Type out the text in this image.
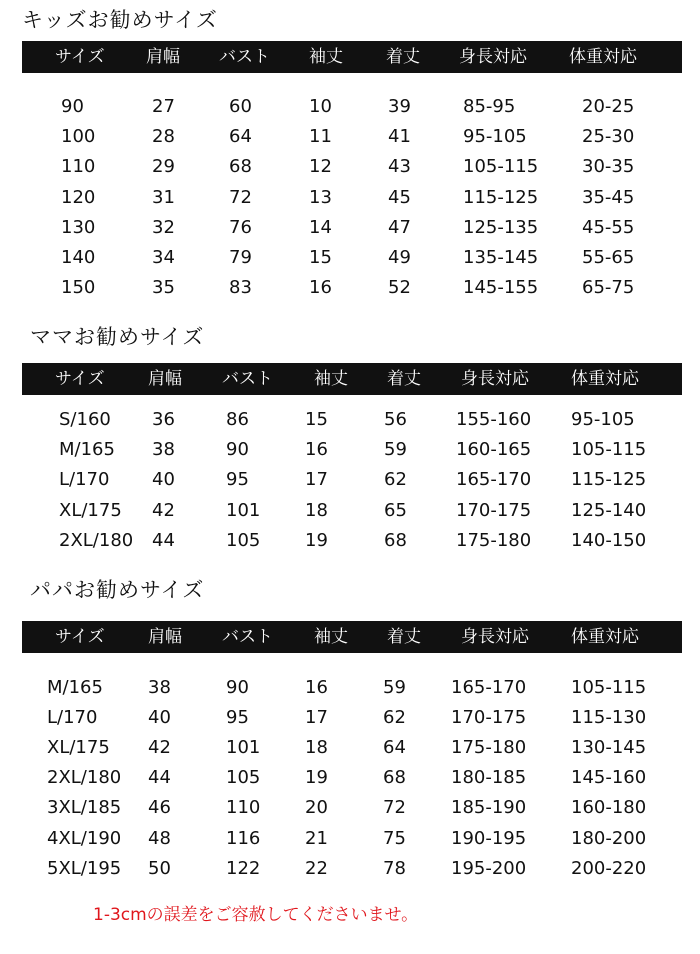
キッズお勧めサイズ
ママお勧めサイズ
パパお勧めサイズ
サイズ 肩幅 バスト 袖丈	着丈 身長対応 体重対応
90	27	60	10	39	85-95	20-25
100	28	64	11	41	95-105	25-30
110	29	68	12	43	105-115 30-35
120	31	72	13	45	115-125 35-45
130	32	76	14	47	125-135 45-55
140	34	79	15	49	135-145 55-65
150	35	83	16	52	145-155 65-75
サイズ	肩幅 バスト 袖丈 着丈 身長対応 体重対応
S/160 36	86	15	56	155-160 95-105
M/165 38	90	16	59	160-165 105-115
L/170 40	95	17	62	165-170 115-125
XL/175 42	101 18	65	170-175 125-140
2XL/180 44	105 19	68	175-180 140-150
サイズ	肩幅 バスト 袖丈 着丈 身長対応 体重対応
M/165	38	90	16	59	165-170 105-115
L/170	40	95	17	62	170-175 115-130
XL/175 42	101 18	64	175-180 130-145
2XL/180 44	105 19	68	180-185 145-160
3XL/185 46	110 20	72	185-190 160-180
4XL/190 48	116 21	75	190-195 180-200
5XL/195 50	122 22	78	195-200 200-220
1-3cmの誤差をご容赦してくださいませ。
